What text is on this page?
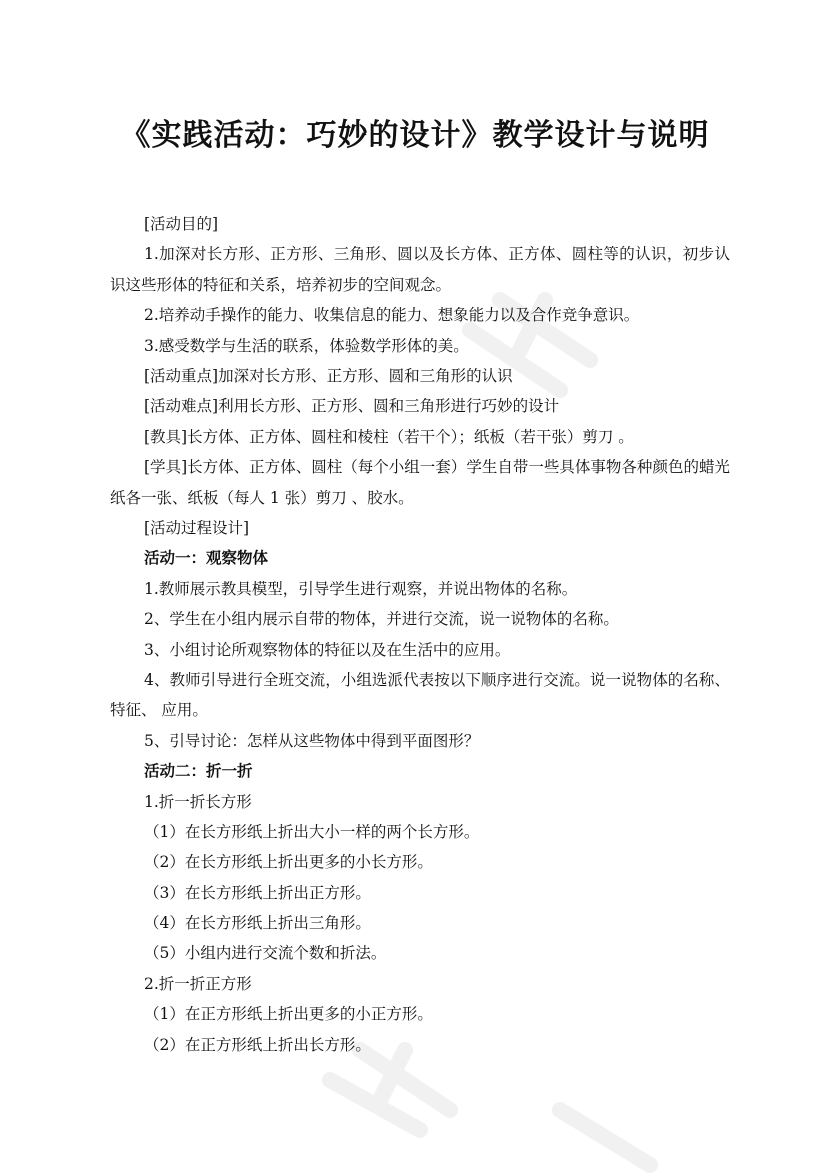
《实践活动：巧妙的设计》教学设计与说明

[活动目的]

1.加深对长方形、正方形、三角形、圆以及长方体、正方体、圆柱等的认识，初步认识这些形体的特征和关系，培养初步的空间观念。

2.培养动手操作的能力、收集信息的能力、想象能力以及合作竞争意识。

3.感受数学与生活的联系，体验数学形体的美。

[活动重点]加深对长方形、正方形、圆和三角形的认识

[活动难点]利用长方形、正方形、圆和三角形进行巧妙的设计

[教具]长方体、正方体、圆柱和棱柱（若干个）；纸板（若干张）剪刀 。

[学具]长方体、正方体、圆柱（每个小组一套）学生自带一些具体事物各种颜色的蜡光纸各一张、纸板（每人 1 张）剪刀 、胶水。

[活动过程设计]

活动一：观察物体

1.教师展示教具模型，引导学生进行观察，并说出物体的名称。

2、学生在小组内展示自带的物体，并进行交流，说一说物体的名称。

3、小组讨论所观察物体的特征以及在生活中的应用。

4、教师引导进行全班交流，小组选派代表按以下顺序进行交流。说一说物体的名称、特征、 应用。

5、引导讨论：怎样从这些物体中得到平面图形？

活动二：折一折

1.折一折长方形

（1）在长方形纸上折出大小一样的两个长方形。

（2）在长方形纸上折出更多的小长方形。

（3）在长方形纸上折出正方形。

（4）在长方形纸上折出三角形。

（5）小组内进行交流个数和折法。

2.折一折正方形

（1）在正方形纸上折出更多的小正方形。

（2）在正方形纸上折出长方形。
